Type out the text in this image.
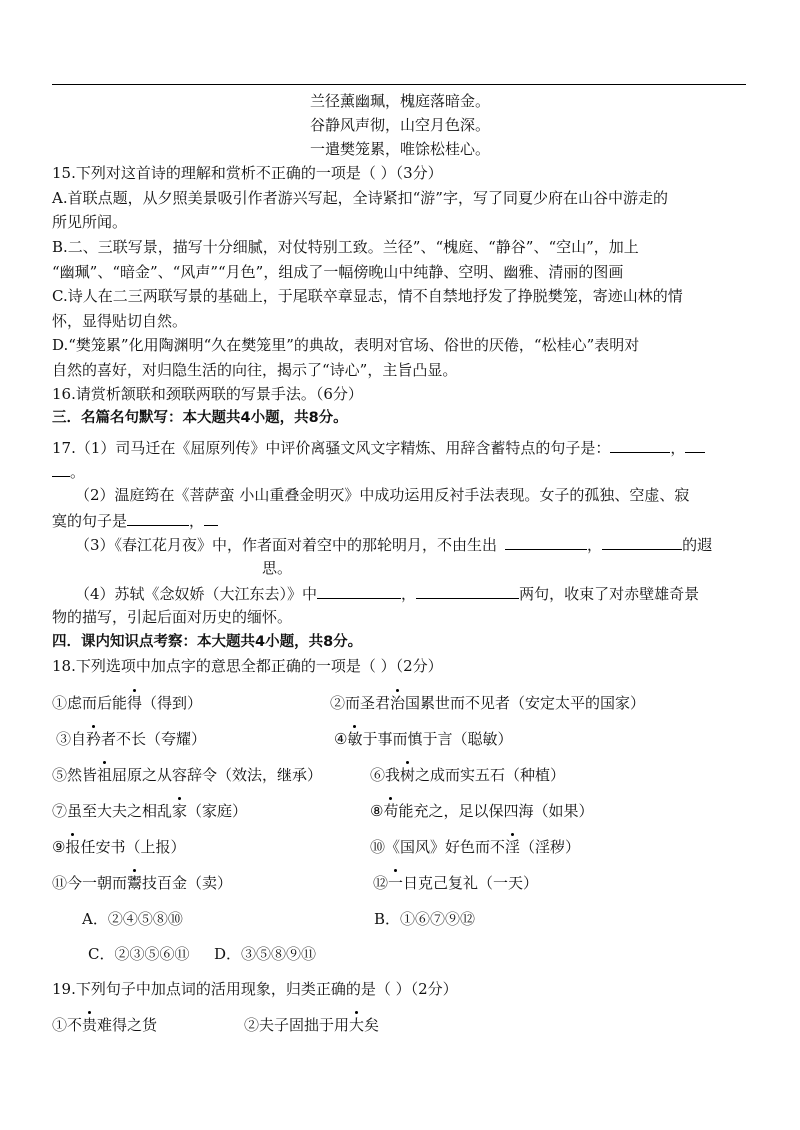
兰径薰幽珮，槐庭落暗金。
谷静风声彻，山空月色深。
一遣樊笼累，唯馀松桂心。
15.下列对这首诗的理解和赏析不正确的一项是（ ）（3分）
A.首联点题，从夕照美景吸引作者游兴写起，全诗紧扣“游”字，写了同夏少府在山谷中游走的
所见所闻。
B.二、三联写景，描写十分细腻，对仗特别工致。兰径”、“槐庭、“静谷”、“空山”，加上
“幽珮”、“暗金”、“风声”“月色”，组成了一幅傍晚山中纯静、空明、幽雅、清丽的图画
C.诗人在二三两联写景的基础上，于尾联卒章显志，情不自禁地抒发了挣脱樊笼，寄迹山林的情
怀，显得贴切自然。
D.“樊笼累”化用陶渊明“久在樊笼里”的典故，表明对官场、俗世的厌倦，“松桂心”表明对
自然的喜好，对归隐生活的向往，揭示了“诗心”，主旨凸显。
16.请赏析颔联和颈联两联的写景手法。（6分）
三．名篇名句默写：本大题共4小题，共8分。
17.（1）司马迁在《屈原列传》中评价离骚文风文字精炼、用辞含蓄特点的句子是：	，
。
（2）温庭筠在《菩萨蛮 小山重叠金明灭》中成功运用反衬手法表现。女子的孤独、空虚、寂
寞的句子是	，
（3）《春江花月夜》中，作者面对着空中的那轮明月，不由生出	，	的遐
思。
（4）苏轼《念奴娇（大江东去）》中	，	两句，收束了对赤壁雄奇景
物的描写，引起后面对历史的缅怀。
四．课内知识点考察：本大题共4小题，共8分。
18.下列选项中加点字的意思全都正确的一项是（ ）（2分）
①虑而后能得（得到）	②而圣君治国累世而不见者（安定太平的国家）
③自矜者不长（夸耀）	④敏于事而慎于言（聪敏）
⑤然皆祖屈原之从容辞令（效法，继承）	⑥我树之成而实五石（种植）
⑦虽至大夫之相乱家（家庭）	⑧苟能充之，足以保四海（如果）
⑨报任安书（上报）	⑩《国风》好色而不淫（淫秽）
⑪今一朝而鬻技百金（卖）	⑫一日克己复礼（一天）
A．②④⑤⑧⑩	B．①⑥⑦⑨⑫
C．②③⑤⑥⑪ D．③⑤⑧⑨⑪
19.下列句子中加点词的活用现象，归类正确的是（ ）（2分）
①不贵难得之货	②夫子固拙于用大矣
